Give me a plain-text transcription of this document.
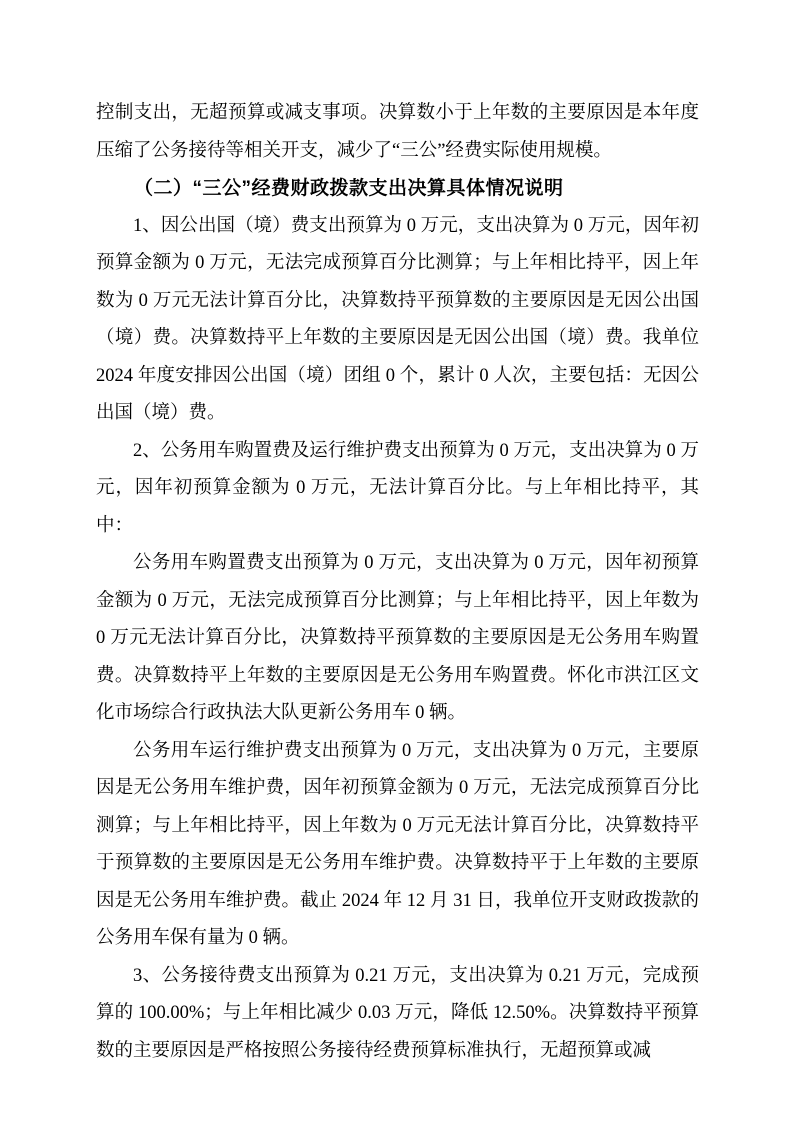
控制支出，无超预算或减支事项。决算数小于上年数的主要原因是本年度压缩了公务接待等相关开支，减少了“三公”经费实际使用规模。

（二）“三公”经费财政拨款支出决算具体情况说明

1、因公出国（境）费支出预算为 0 万元，支出决算为 0 万元，因年初预算金额为 0 万元，无法完成预算百分比测算；与上年相比持平，因上年数为 0 万元无法计算百分比，决算数持平预算数的主要原因是无因公出国（境）费。决算数持平上年数的主要原因是无因公出国（境）费。我单位 2024 年度安排因公出国（境）团组 0 个，累计 0 人次，主要包括：无因公出国（境）费。

2、公务用车购置费及运行维护费支出预算为 0 万元，支出决算为 0 万元，因年初预算金额为 0 万元，无法计算百分比。与上年相比持平，其中：

公务用车购置费支出预算为 0 万元，支出决算为 0 万元，因年初预算金额为 0 万元，无法完成预算百分比测算；与上年相比持平，因上年数为 0 万元无法计算百分比，决算数持平预算数的主要原因是无公务用车购置费。决算数持平上年数的主要原因是无公务用车购置费。怀化市洪江区文化市场综合行政执法大队更新公务用车 0 辆。

公务用车运行维护费支出预算为 0 万元，支出决算为 0 万元，主要原因是无公务用车维护费，因年初预算金额为 0 万元，无法完成预算百分比测算；与上年相比持平，因上年数为 0 万元无法计算百分比，决算数持平于预算数的主要原因是无公务用车维护费。决算数持平于上年数的主要原因是无公务用车维护费。截止 2024 年 12 月 31 日，我单位开支财政拨款的公务用车保有量为 0 辆。

3、公务接待费支出预算为 0.21 万元，支出决算为 0.21 万元，完成预算的 100.00%；与上年相比减少 0.03 万元，降低 12.50%。决算数持平预算数的主要原因是严格按照公务接待经费预算标准执行，无超预算或减
